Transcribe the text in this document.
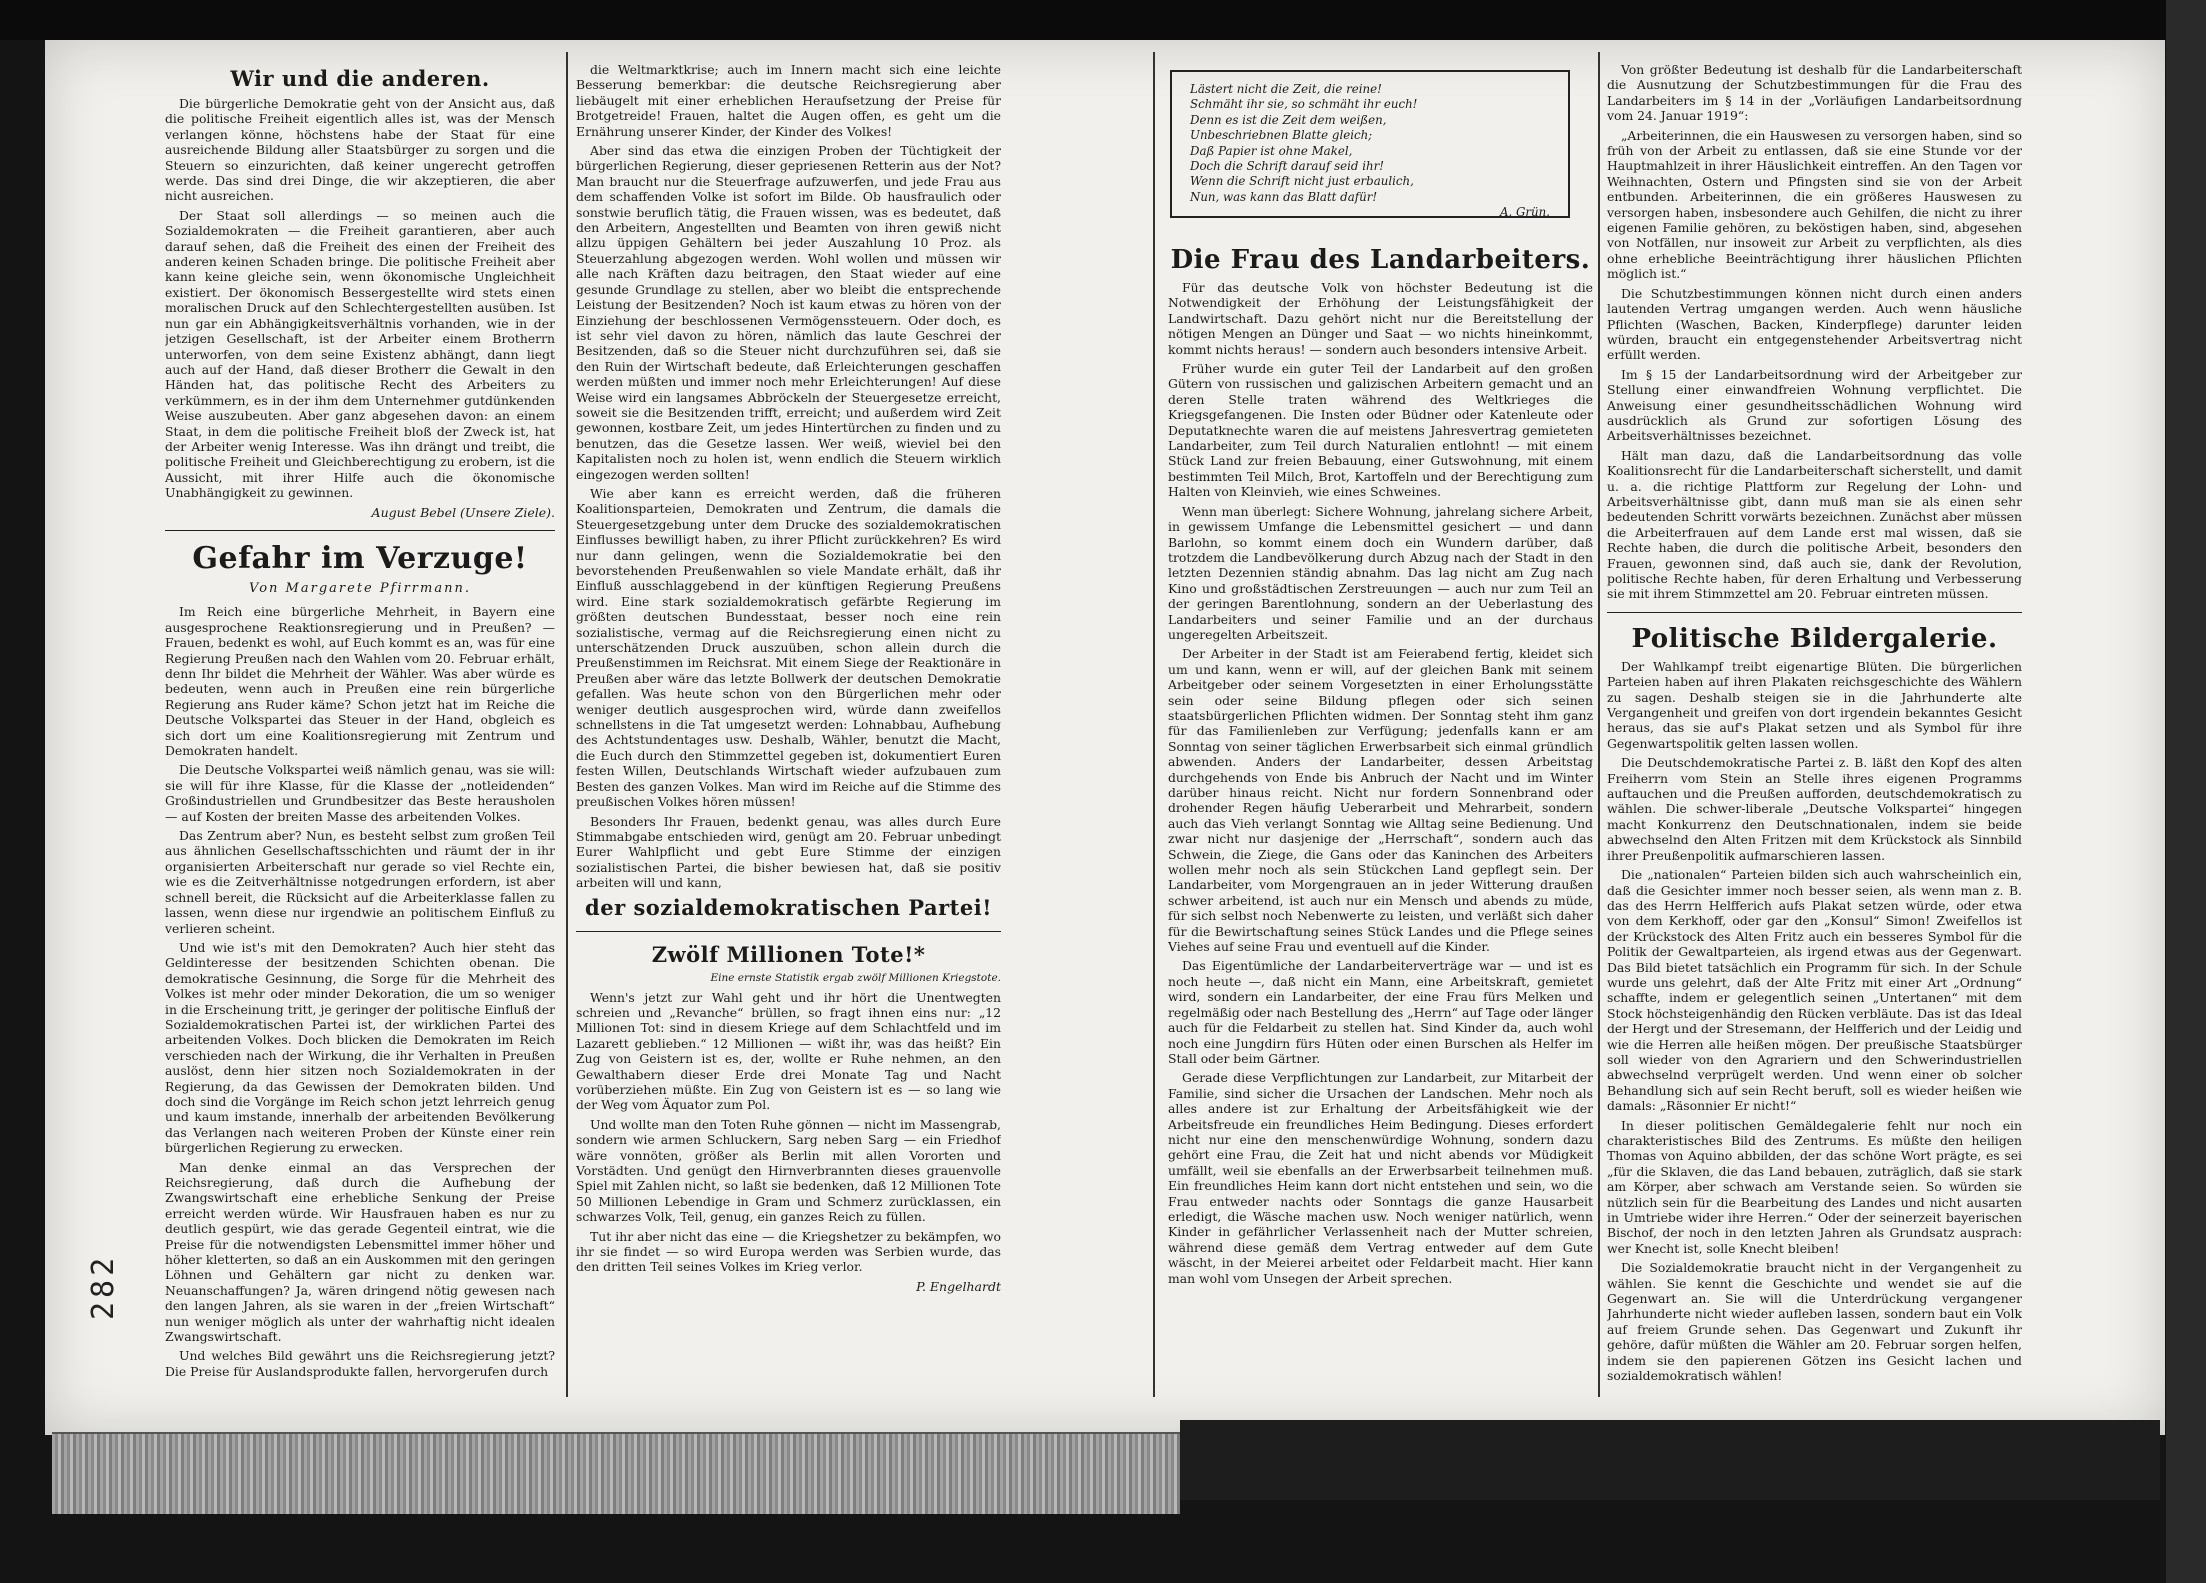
282
Wir und die anderen.

Die bürgerliche Demokratie geht von der Ansicht aus, daß die politische Freiheit eigentlich alles ist, was der Mensch verlangen könne, höchstens habe der Staat für eine ausreichende Bildung aller Staatsbürger zu sorgen und die Steuern so einzurichten, daß keiner ungerecht getroffen werde. Das sind drei Dinge, die wir akzeptieren, die aber nicht ausreichen.

Der Staat soll allerdings — so meinen auch die Sozialdemokraten — die Freiheit garantieren, aber auch darauf sehen, daß die Freiheit des einen der Freiheit des anderen keinen Schaden bringe. Die politische Freiheit aber kann keine gleiche sein, wenn ökonomische Ungleichheit existiert. Der ökonomisch Bessergestellte wird stets einen moralischen Druck auf den Schlechtergestellten ausüben. Ist nun gar ein Abhängigkeitsverhältnis vorhanden, wie in der jetzigen Gesellschaft, ist der Arbeiter einem Brotherrn unterworfen, von dem seine Existenz abhängt, dann liegt auch auf der Hand, daß dieser Brotherr die Gewalt in den Händen hat, das politische Recht des Arbeiters zu verkümmern, es in der ihm dem Unternehmer gutdünkenden Weise auszubeuten. Aber ganz abgesehen davon: an einem Staat, in dem die politische Freiheit bloß der Zweck ist, hat der Arbeiter wenig Interesse. Was ihn drängt und treibt, die politische Freiheit und Gleichberechtigung zu erobern, ist die Aussicht, mit ihrer Hilfe auch die ökonomische Unabhängigkeit zu gewinnen.

August Bebel (Unsere Ziele).
Gefahr im Verzuge!
Von Margarete Pfirrmann.

Im Reich eine bürgerliche Mehrheit, in Bayern eine ausgesprochene Reaktionsregierung und in Preußen? — Frauen, bedenkt es wohl, auf Euch kommt es an, was für eine Regierung Preußen nach den Wahlen vom 20. Februar erhält, denn Ihr bildet die Mehrheit der Wähler. Was aber würde es bedeuten, wenn auch in Preußen eine rein bürgerliche Regierung ans Ruder käme? Schon jetzt hat im Reiche die Deutsche Volkspartei das Steuer in der Hand, obgleich es sich dort um eine Koalitionsregierung mit Zentrum und Demokraten handelt.

Die Deutsche Volkspartei weiß nämlich genau, was sie will: sie will für ihre Klasse, für die Klasse der „notleidenden“ Großindustriellen und Grundbesitzer das Beste herausholen — auf Kosten der breiten Masse des arbeitenden Volkes.

Das Zentrum aber? Nun, es besteht selbst zum großen Teil aus ähnlichen Gesellschaftsschichten und räumt der in ihr organisierten Arbeiterschaft nur gerade so viel Rechte ein, wie es die Zeitverhältnisse notgedrungen erfordern, ist aber schnell bereit, die Rücksicht auf die Arbeiterklasse fallen zu lassen, wenn diese nur irgendwie an politischem Einfluß zu verlieren scheint.

Und wie ist's mit den Demokraten? Auch hier steht das Geldinteresse der besitzenden Schichten obenan. Die demokratische Gesinnung, die Sorge für die Mehrheit des Volkes ist mehr oder minder Dekoration, die um so weniger in die Erscheinung tritt, je geringer der politische Einfluß der Sozialdemokratischen Partei ist, der wirklichen Partei des arbeitenden Volkes. Doch blicken die Demokraten im Reich verschieden nach der Wirkung, die ihr Verhalten in Preußen auslöst, denn hier sitzen noch Sozialdemokraten in der Regierung, da das Gewissen der Demokraten bilden. Und doch sind die Vorgänge im Reich schon jetzt lehrreich genug und kaum imstande, innerhalb der arbeitenden Bevölkerung das Verlangen nach weiteren Proben der Künste einer rein bürgerlichen Regierung zu erwecken.

Man denke einmal an das Versprechen der Reichsregierung, daß durch die Aufhebung der Zwangswirtschaft eine erhebliche Senkung der Preise erreicht werden würde. Wir Hausfrauen haben es nur zu deutlich gespürt, wie das gerade Gegenteil eintrat, wie die Preise für die notwendigsten Lebensmittel immer höher und höher kletterten, so daß an ein Auskommen mit den geringen Löhnen und Gehältern gar nicht zu denken war. Neuanschaffungen? Ja, wären dringend nötig gewesen nach den langen Jahren, als sie waren in der „freien Wirtschaft“ nun weniger möglich als unter der wahrhaftig nicht idealen Zwangswirtschaft.

Und welches Bild gewährt uns die Reichsregierung jetzt? Die Preise für Auslandsprodukte fallen, hervorgerufen durch

die Weltmarktkrise; auch im Innern macht sich eine leichte Besserung bemerkbar: die deutsche Reichsregierung aber liebäugelt mit einer erheblichen Heraufsetzung der Preise für Brotgetreide! Frauen, haltet die Augen offen, es geht um die Ernährung unserer Kinder, der Kinder des Volkes!

Aber sind das etwa die einzigen Proben der Tüchtigkeit der bürgerlichen Regierung, dieser gepriesenen Retterin aus der Not? Man braucht nur die Steuerfrage aufzuwerfen, und jede Frau aus dem schaffenden Volke ist sofort im Bilde. Ob hausfraulich oder sonstwie beruflich tätig, die Frauen wissen, was es bedeutet, daß den Arbeitern, Angestellten und Beamten von ihren gewiß nicht allzu üppigen Gehältern bei jeder Auszahlung 10 Proz. als Steuerzahlung abgezogen werden. Wohl wollen und müssen wir alle nach Kräften dazu beitragen, den Staat wieder auf eine gesunde Grundlage zu stellen, aber wo bleibt die entsprechende Leistung der Besitzenden? Noch ist kaum etwas zu hören von der Einziehung der beschlossenen Vermögenssteuern. Oder doch, es ist sehr viel davon zu hören, nämlich das laute Geschrei der Besitzenden, daß so die Steuer nicht durchzuführen sei, daß sie den Ruin der Wirtschaft bedeute, daß Erleichterungen geschaffen werden müßten und immer noch mehr Erleichterungen! Auf diese Weise wird ein langsames Abbröckeln der Steuergesetze erreicht, soweit sie die Besitzenden trifft, erreicht; und außerdem wird Zeit gewonnen, kostbare Zeit, um jedes Hintertürchen zu finden und zu benutzen, das die Gesetze lassen. Wer weiß, wieviel bei den Kapitalisten noch zu holen ist, wenn endlich die Steuern wirklich eingezogen werden sollten!

Wie aber kann es erreicht werden, daß die früheren Koalitionsparteien, Demokraten und Zentrum, die damals die Steuergesetzgebung unter dem Drucke des sozialdemokratischen Einflusses bewilligt haben, zu ihrer Pflicht zurückkehren? Es wird nur dann gelingen, wenn die Sozialdemokratie bei den bevorstehenden Preußenwahlen so viele Mandate erhält, daß ihr Einfluß ausschlaggebend in der künftigen Regierung Preußens wird. Eine stark sozialdemokratisch gefärbte Regierung im größten deutschen Bundesstaat, besser noch eine rein sozialistische, vermag auf die Reichsregierung einen nicht zu unterschätzenden Druck auszuüben, schon allein durch die Preußenstimmen im Reichsrat. Mit einem Siege der Reaktionäre in Preußen aber wäre das letzte Bollwerk der deutschen Demokratie gefallen. Was heute schon von den Bürgerlichen mehr oder weniger deutlich ausgesprochen wird, würde dann zweifellos schnellstens in die Tat umgesetzt werden: Lohnabbau, Aufhebung des Achtstundentages usw. Deshalb, Wähler, benutzt die Macht, die Euch durch den Stimmzettel gegeben ist, dokumentiert Euren festen Willen, Deutschlands Wirtschaft wieder aufzubauen zum Besten des ganzen Volkes. Man wird im Reiche auf die Stimme des preußischen Volkes hören müssen!

Besonders Ihr Frauen, bedenkt genau, was alles durch Eure Stimmabgabe entschieden wird, genügt am 20. Februar unbedingt Eurer Wahlpflicht und gebt Eure Stimme der einzigen sozialistischen Partei, die bisher bewiesen hat, daß sie positiv arbeiten will und kann,

der sozialdemokratischen Partei!
Zwölf Millionen Tote!*
Eine ernste Statistik ergab zwölf Millionen Kriegstote.

Wenn's jetzt zur Wahl geht und ihr hört die Unentwegten schreien und „Revanche“ brüllen, so fragt ihnen eins nur: „12 Millionen Tot: sind in diesem Kriege auf dem Schlachtfeld und im Lazarett geblieben.“ 12 Millionen — wißt ihr, was das heißt? Ein Zug von Geistern ist es, der, wollte er Ruhe nehmen, an den Gewalthabern dieser Erde drei Monate Tag und Nacht vorüberziehen müßte. Ein Zug von Geistern ist es — so lang wie der Weg vom Äquator zum Pol.

Und wollte man den Toten Ruhe gönnen — nicht im Massengrab, sondern wie armen Schluckern, Sarg neben Sarg — ein Friedhof wäre vonnöten, größer als Berlin mit allen Vororten und Vorstädten. Und genügt den Hirnverbrannten dieses grauenvolle Spiel mit Zahlen nicht, so laßt sie bedenken, daß 12 Millionen Tote 50 Millionen Lebendige in Gram und Schmerz zurücklassen, ein schwarzes Volk, Teil, genug, ein ganzes Reich zu füllen.

Tut ihr aber nicht das eine — die Kriegshetzer zu bekämpfen, wo ihr sie findet — so wird Europa werden was Serbien wurde, das den dritten Teil seines Volkes im Krieg verlor.

P. Engelhardt
Lästert nicht die Zeit, die reine!
Schmäht ihr sie, so schmäht ihr euch!
Denn es ist die Zeit dem weißen,
Unbeschriebnen Blatte gleich;
Daß Papier ist ohne Makel,
Doch die Schrift darauf seid ihr!
Wenn die Schrift nicht just erbaulich,
Nun, was kann das Blatt dafür!
A. Grün.
Die Frau des Landarbeiters.

Für das deutsche Volk von höchster Bedeutung ist die Notwendigkeit der Erhöhung der Leistungsfähigkeit der Landwirtschaft. Dazu gehört nicht nur die Bereitstellung der nötigen Mengen an Dünger und Saat — wo nichts hineinkommt, kommt nichts heraus! — sondern auch besonders intensive Arbeit.

Früher wurde ein guter Teil der Landarbeit auf den großen Gütern von russischen und galizischen Arbeitern gemacht und an deren Stelle traten während des Weltkrieges die Kriegsgefangenen. Die Insten oder Büdner oder Katenleute oder Deputatknechte waren die auf meistens Jahresvertrag gemieteten Landarbeiter, zum Teil durch Naturalien entlohnt! — mit einem Stück Land zur freien Bebauung, einer Gutswohnung, mit einem bestimmten Teil Milch, Brot, Kartoffeln und der Berechtigung zum Halten von Kleinvieh, wie eines Schweines.

Wenn man überlegt: Sichere Wohnung, jahrelang sichere Arbeit, in gewissem Umfange die Lebensmittel gesichert — und dann Barlohn, so kommt einem doch ein Wundern darüber, daß trotzdem die Landbevölkerung durch Abzug nach der Stadt in den letzten Dezennien ständig abnahm. Das lag nicht am Zug nach Kino und großstädtischen Zerstreuungen — auch nur zum Teil an der geringen Barentlohnung, sondern an der Ueberlastung des Landarbeiters und seiner Familie und an der durchaus ungeregelten Arbeitszeit.

Der Arbeiter in der Stadt ist am Feierabend fertig, kleidet sich um und kann, wenn er will, auf der gleichen Bank mit seinem Arbeitgeber oder seinem Vorgesetzten in einer Erholungsstätte sein oder seine Bildung pflegen oder sich seinen staatsbürgerlichen Pflichten widmen. Der Sonntag steht ihm ganz für das Familienleben zur Verfügung; jedenfalls kann er am Sonntag von seiner täglichen Erwerbsarbeit sich einmal gründlich abwenden. Anders der Landarbeiter, dessen Arbeitstag durchgehends von Ende bis Anbruch der Nacht und im Winter darüber hinaus reicht. Nicht nur fordern Sonnenbrand oder drohender Regen häufig Ueberarbeit und Mehrarbeit, sondern auch das Vieh verlangt Sonntag wie Alltag seine Bedienung. Und zwar nicht nur dasjenige der „Herrschaft“, sondern auch das Schwein, die Ziege, die Gans oder das Kaninchen des Arbeiters wollen mehr noch als sein Stückchen Land gepflegt sein. Der Landarbeiter, vom Morgengrauen an in jeder Witterung draußen schwer arbeitend, ist auch nur ein Mensch und abends zu müde, für sich selbst noch Nebenwerte zu leisten, und verläßt sich daher für die Bewirtschaftung seines Stück Landes und die Pflege seines Viehes auf seine Frau und eventuell auf die Kinder.

Das Eigentümliche der Landarbeiterverträge war — und ist es noch heute —, daß nicht ein Mann, eine Arbeitskraft, gemietet wird, sondern ein Landarbeiter, der eine Frau fürs Melken und regelmäßig oder nach Bestellung des „Herrn“ auf Tage oder länger auch für die Feldarbeit zu stellen hat. Sind Kinder da, auch wohl noch eine Jungdirn fürs Hüten oder einen Burschen als Helfer im Stall oder beim Gärtner.

Gerade diese Verpflichtungen zur Landarbeit, zur Mitarbeit der Familie, sind sicher die Ursachen der Landschen. Mehr noch als alles andere ist zur Erhaltung der Arbeitsfähigkeit wie der Arbeitsfreude ein freundliches Heim Bedingung. Dieses erfordert nicht nur eine den menschenwürdige Wohnung, sondern dazu gehört eine Frau, die Zeit hat und nicht abends vor Müdigkeit umfällt, weil sie ebenfalls an der Erwerbsarbeit teilnehmen muß. Ein freundliches Heim kann dort nicht entstehen und sein, wo die Frau entweder nachts oder Sonntags die ganze Hausarbeit erledigt, die Wäsche machen usw. Noch weniger natürlich, wenn Kinder in gefährlicher Verlassenheit nach der Mutter schreien, während diese gemäß dem Vertrag entweder auf dem Gute wäscht, in der Meierei arbeitet oder Feldarbeit macht. Hier kann man wohl vom Unsegen der Arbeit sprechen.

Von größter Bedeutung ist deshalb für die Landarbeiterschaft die Ausnutzung der Schutzbestimmungen für die Frau des Landarbeiters im § 14 in der „Vorläufigen Landarbeitsordnung vom 24. Januar 1919“:

„Arbeiterinnen, die ein Hauswesen zu versorgen haben, sind so früh von der Arbeit zu entlassen, daß sie eine Stunde vor der Hauptmahlzeit in ihrer Häuslichkeit eintreffen. An den Tagen vor Weihnachten, Ostern und Pfingsten sind sie von der Arbeit entbunden. Arbeiterinnen, die ein größeres Hauswesen zu versorgen haben, insbesondere auch Gehilfen, die nicht zu ihrer eigenen Familie gehören, zu beköstigen haben, sind, abgesehen von Notfällen, nur insoweit zur Arbeit zu verpflichten, als dies ohne erhebliche Beeinträchtigung ihrer häuslichen Pflichten möglich ist.“

Die Schutzbestimmungen können nicht durch einen anders lautenden Vertrag umgangen werden. Auch wenn häusliche Pflichten (Waschen, Backen, Kinderpflege) darunter leiden würden, braucht ein entgegenstehender Arbeitsvertrag nicht erfüllt werden.

Im § 15 der Landarbeitsordnung wird der Arbeitgeber zur Stellung einer einwandfreien Wohnung verpflichtet. Die Anweisung einer gesundheitsschädlichen Wohnung wird ausdrücklich als Grund zur sofortigen Lösung des Arbeitsverhältnisses bezeichnet.

Hält man dazu, daß die Landarbeitsordnung das volle Koalitionsrecht für die Landarbeiterschaft sicherstellt, und damit u. a. die richtige Plattform zur Regelung der Lohn- und Arbeitsverhältnisse gibt, dann muß man sie als einen sehr bedeutenden Schritt vorwärts bezeichnen. Zunächst aber müssen die Arbeiterfrauen auf dem Lande erst mal wissen, daß sie Rechte haben, die durch die politische Arbeit, besonders den Frauen, gewonnen sind, daß auch sie, dank der Revolution, politische Rechte haben, für deren Erhaltung und Verbesserung sie mit ihrem Stimmzettel am 20. Februar eintreten müssen.

Politische Bildergalerie.

Der Wahlkampf treibt eigenartige Blüten. Die bürgerlichen Parteien haben auf ihren Plakaten reichsgeschichte des Wählern zu sagen. Deshalb steigen sie in die Jahrhunderte alte Vergangenheit und greifen von dort irgendein bekanntes Gesicht heraus, das sie auf's Plakat setzen und als Symbol für ihre Gegenwartspolitik gelten lassen wollen.

Die Deutschdemokratische Partei z. B. läßt den Kopf des alten Freiherrn vom Stein an Stelle ihres eigenen Programms auftauchen und die Preußen aufforden, deutschdemokratisch zu wählen. Die schwer-liberale „Deutsche Volkspartei“ hingegen macht Konkurrenz den Deutschnationalen, indem sie beide abwechselnd den Alten Fritzen mit dem Krückstock als Sinnbild ihrer Preußenpolitik aufmarschieren lassen.

Die „nationalen“ Parteien bilden sich auch wahrscheinlich ein, daß die Gesichter immer noch besser seien, als wenn man z. B. das des Herrn Helfferich aufs Plakat setzen würde, oder etwa von dem Kerkhoff, oder gar den „Konsul“ Simon! Zweifellos ist der Krückstock des Alten Fritz auch ein besseres Symbol für die Politik der Gewaltparteien, als irgend etwas aus der Gegenwart. Das Bild bietet tatsächlich ein Programm für sich. In der Schule wurde uns gelehrt, daß der Alte Fritz mit einer Art „Ordnung“ schaffte, indem er gelegentlich seinen „Untertanen“ mit dem Stock höchsteigenhändig den Rücken verbläute. Das ist das Ideal der Hergt und der Stresemann, der Helfferich und der Leidig und wie die Herren alle heißen mögen. Der preußische Staatsbürger soll wieder von den Agrariern und den Schwerindustriellen abwechselnd verprügelt werden. Und wenn einer ob solcher Behandlung sich auf sein Recht beruft, soll es wieder heißen wie damals: „Räsonnier Er nicht!“

In dieser politischen Gemäldegalerie fehlt nur noch ein charakteristisches Bild des Zentrums. Es müßte den heiligen Thomas von Aquino abbilden, der das schöne Wort prägte, es sei „für die Sklaven, die das Land bebauen, zuträglich, daß sie stark am Körper, aber schwach am Verstande seien. So würden sie nützlich sein für die Bearbeitung des Landes und nicht ausarten in Umtriebe wider ihre Herren.“ Oder der seinerzeit bayerischen Bischof, der noch in den letzten Jahren als Grundsatz ausprach: wer Knecht ist, solle Knecht bleiben!

Die Sozialdemokratie braucht nicht in der Vergangenheit zu wählen. Sie kennt die Geschichte und wendet sie auf die Gegenwart an. Sie will die Unterdrückung vergangener Jahrhunderte nicht wieder aufleben lassen, sondern baut ein Volk auf freiem Grunde sehen. Das Gegenwart und Zukunft ihr gehöre, dafür müßten die Wähler am 20. Februar sorgen helfen, indem sie den papierenen Götzen ins Gesicht lachen und sozialdemokratisch wählen!
